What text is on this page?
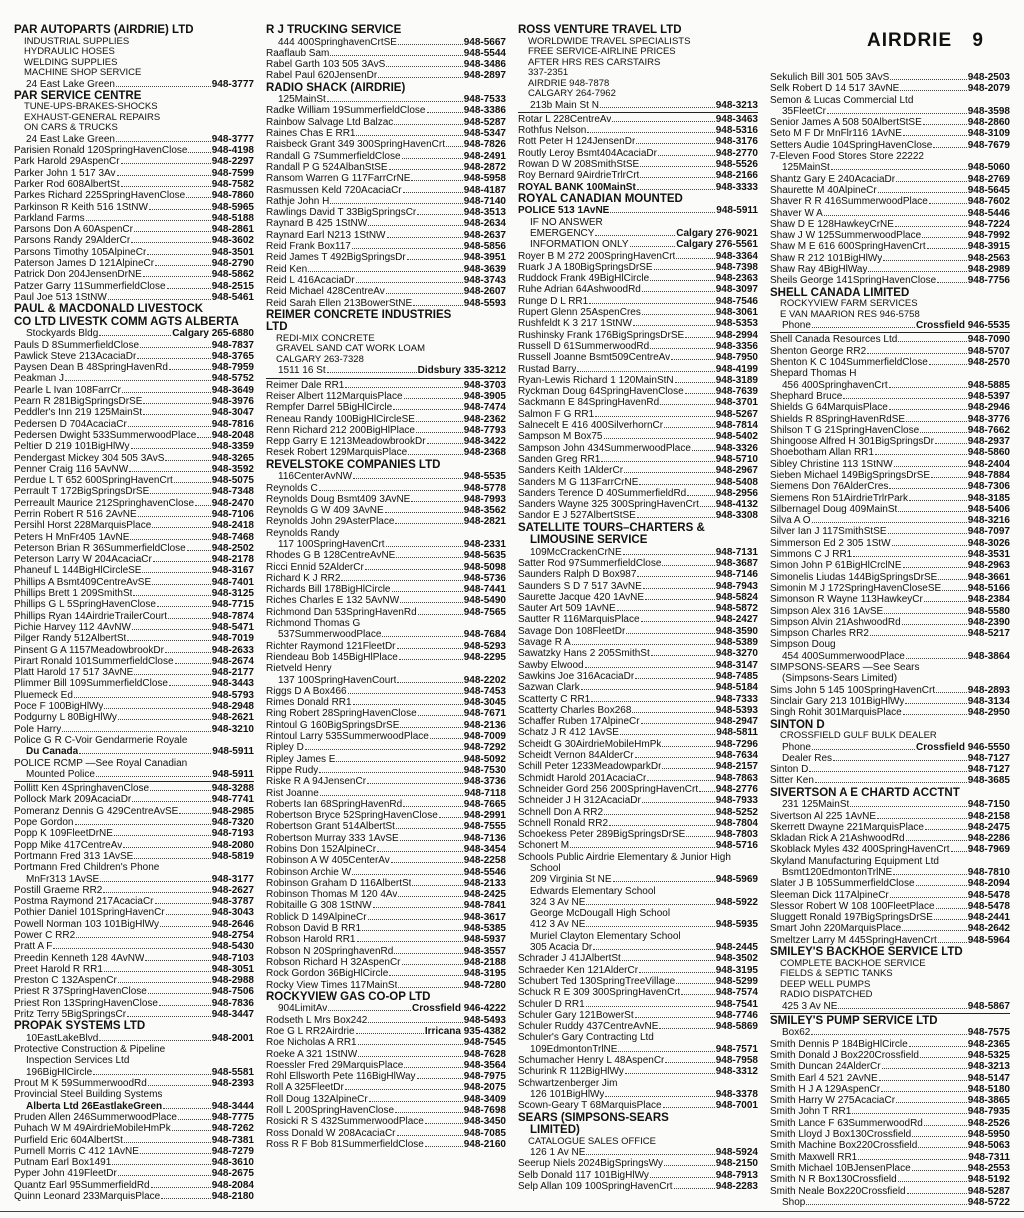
AIRDRIE 9
PAR AUTOPARTS (AIRDRIE) LTD
INDUSTRIAL SUPPLIES
HYDRAULIC HOSES
WELDING SUPPLIES
MACHINE SHOP SERVICE
24 East Lake Green	948-3777
PAR SERVICE CENTRE
TUNE-UPS-BRAKES-SHOCKS
EXHAUST-GENERAL REPAIRS
ON CARS & TRUCKS
24 East Lake Green	948-3777
Parisien Ronald 120SpringHavenClose 948-4198
Park Harold 29AspenCr	948-2297
Parker John 1 517 3Av	948-7599
Parker Rod 608AlbertSt	948-7582
Parkes Richard 225SpringHavenClose	948-7860
Parkinson R Keith 516 1StNW	948-5965
Parkland Farms	948-5188
Parsons Don A 60AspenCr	948-2861
Parsons Randy 29AlderCr	948-3602
Parsons Timothy 105AlpineCr	948-3501
Paterson James D 121AlpineCr	948-2790
Patrick Don 204JensenDrNE	948-5862
Patzer Garry 11SummerfieldClose	948-2515
Paul Joe 513 1StNW	948-5461
PAUL & MACDONALD LIVESTOCK
CO LTD LIVESTK COMM AGTS ALBERTA
Stockyards Bldg	Calgary 265-6880
Pauls D 8SummerfieldClose	948-7837
Pawlick Steve 213AcaciaDr	948-3765
Paysen Dean B 48SpringHavenRd	948-7959
Peakman J	948-5752
Pearle L Ivan 108FarrCr	948-3649
Pearn R 281BigSpringsDrSE	948-3976
Peddler's Inn 219 125MainSt	948-3047
Pedersen D 704AcaciaCr	948-7816
Pedersen Dwight 533SummerwoodPlace 948-2048
Peltier D 219 101BigHlWy	948-3359
Pendergast Mickey 304 505 3AvS	948-3265
Penner Craig 116 5AvNW	948-3592
Perdue L T 652 600SpringHavenCrt	948-5075
Perrault T 172BigSpringsDrSE	948-7348
Perreault Maurice 212SpringhavenClose 948-2470
Perrin Robert R 516 2AvNE	948-7106
Persihl Horst 228MarquisPlace	948-2418
Peters H MnFr405 1AvNE	948-7468
Peterson Brian R 36SummerfieldClose	948-2502
Peterson Larry W 204AcaciaCr	948-2178
Phaneuf L 144BigHlCircleSE	948-3167
Phillips A Bsmt409CentreAvSE	948-7401
Phillips Brett 1 209SmithSt	948-3125
Phillips G L 5SpringHavenClose	948-7715
Phillips Ryan 14AirdrieTrailerCourt	948-7874
Pichie Harvey 112 4AvNW	948-5471
Pilger Randy 512AlbertSt	948-7019
Pinsent G A 1157MeadowbrookDr	948-2633
Pirart Ronald 101SummerfieldClose	948-2674
Platt Harold 17 517 3AvNE	948-2177
Plimmer Bill 109SummerfieldClose	948-3443
Pluemeck Ed	948-5793
Poce F 100BigHlWy	948-2948
Podgurny L 80BigHlWy	948-2621
Pole Harry	948-3210
Police G R C-Voir Gendarmerie Royale
Du Canada	948-5911
POLICE RCMP —See Royal Canadian
Mounted Police	948-5911
Pollitt Ken 4SpringhavenClose	948-3288
Pollock Mark 209AcaciaDr	948-7741
Pomeranz Dennis G 429CentreAvSE	948-2985
Pope Gordon	948-7320
Popp K 109FleetDrNE	948-7193
Popp Mike 417CentreAv	948-2080
Portmann Fred 313 1AvSE	948-5819
Portmann Fred Children's Phone
MnFr313 1AvSE	948-3177
Postill Graeme RR2	948-2627
Postma Raymond 217AcaciaCr	948-3787
Pothier Daniel 101SpringHavenCr	948-3043
Powell Norman 103 101BigHlWy	948-2646
Power C RR2	948-2754
Pratt A F	948-5430
Preedin Kenneth 128 4AvNW	948-7103
Preet Harold R RR1	948-3051
Preston C 132AspenCr	948-2988
Priest R 37SpringHavenClose	948-7506
Priest Ron 13SpringHavenClose	948-7836
Pritz Terry 5BigSpringsCr	948-3447
PROPAK SYSTEMS LTD
10EastLakeBlvd	948-2001
Protective Construction & Pipeline
Inspection Services Ltd
196BigHlCircle	948-5581
Prout M K 59SummerwoodRd	948-2393
Provincial Steel Building Systems
Alberta Ltd 26EastlakeGreen	948-3444
Pruden Allen 246SummerwoodPlace	948-7775
Puhach W M 49AirdrieMobileHmPk	948-7262
Purfield Eric 604AlbertSt	948-7381
Purnell Morris C 412 1AvNE	948-7279
Putnam Earl Box1491	948-3610
Pyper John 419FleetDr	948-2675
Quantz Earl 95SummerfieldRd	948-2084
Quinn Leonard 233MarquisPlace	948-2180
R J TRUCKING SERVICE
444 400SpringhavenCrtSE	948-5667
Raaflaub Sam	948-5544
Rabel Garth 103 505 3AvS	948-3486
Rabel Paul 620JensenDr	948-2897
RADIO SHACK (AIRDRIE)
125MainSt	948-7533
Radke William 19SummerfieldClose	948-3386
Rainbow Salvage Ltd Balzac	948-5287
Raines Chas E RR1	948-5347
Raisbeck Grant 349 300SpringHavenCrt 948-7826
Randall G 7SummerfieldClose	948-2491
Randall P G 524AlbanStSE	948-2872
Ransom Warren G 117FarrCrNE	948-5958
Rasmussen Keld 720AcaciaCr	948-4187
Rathje John H	948-7140
Rawlings David T 33BigSpringsCr	948-3513
Raynard B 425 1StNW	948-2634
Raynard Earl N213 1StNW	948-2637
Reid Frank Box117	948-5856
Reid James T 492BigSpringsDr	948-3951
Reid Ken	948-3639
Reid L 416AcaciaDr	948-3743
Reid Michael 428CentreAv	948-2607
Reid Sarah Ellen 213BowerStNE	948-5593
REIMER CONCRETE INDUSTRIES
LTD
REDI-MIX CONCRETE
GRAVEL SAND CAT WORK LOAM
CALGARY 263-7328
1511 16 St	Didsbury 335-3212
Reimer Dale RR1	948-3703
Reiser Albert 112MarquisPlace	948-3905
Rempfer Darrel 5BigHlCircle	948-7474
Reneau Randy 100BigHlCircleSE	948-2362
Renn Richard 212 200BigHlPlace	948-7793
Repp Garry E 1213MeadowbrookDr	948-3422
Resek Robert 129MarquisPlace	948-2368
REVELSTOKE COMPANIES LTD
116CenterAvNW	948-5535
Reynolds C	948-5778
Reynolds Doug Bsmt409 3AvNE	948-7993
Reynolds G W 409 3AvNE	948-3562
Reynolds John 29AsterPlace	948-2821
Reynolds Randy
117 100SpringHavenCrt	948-2331
Rhodes G B 128CentreAvNE	948-5635
Ricci Ennid 52AlderCr	948-5098
Richard K J RR2	948-5736
Richards Bill 178BigHlCircle	948-7441
Riches Charles E 132 5AvNW	948-5490
Richmond Dan 53SpringHavenRd	948-7565
Richmond Thomas G
537SummerwoodPlace	948-7684
Richter Raymond 121FleetDr	948-5293
Riendeau Bob 145BigHlPlace	948-2295
Rietveld Henry
137 100SpringHavenCourt	948-2202
Riggs D A Box466	948-7453
Rimes Donald RR1	948-3045
Ring Robert 28SpringHavenClose	948-7671
Rintoul G 160BigSpringsDrSE	948-2136
Rintoul Larry 535SummerwoodPlace	948-7009
Ripley D	948-7292
Ripley James E	948-5092
Rippe Rudy	948-7530
Riske R A 94JensenCr	948-3736
Rist Joanne	948-7118
Roberts Ian 68SpringHavenRd	948-7665
Robertson Bryce 52SpringHavenClose	948-2991
Robertson Grant 514AlbertSt	948-7555
Robertson Murray 333 1AvSE	948-7136
Robins Don 152AlpineCr	948-3454
Robinson A W 405CenterAv	948-2258
Robinson Archie W	948-5546
Robinson Graham D 116AlbertSt	948-2133
Robinson Thomas M 120 4Av	948-2425
Robitaille G 308 1StNW	948-7841
Roblick D 149AlpineCr	948-3617
Robson David B RR1	948-5385
Robson Harold RR1	948-5937
Robson N 20SpringhavenRd	948-3557
Robson Richard H 32AspenCr	948-2188
Rock Gordon 36BigHlCircle	948-3195
Rocky View Times 117MainSt	948-7280
ROCKYVIEW GAS CO-OP LTD
904LimitAv	Crossfield 946-4222
Rodseth L Mrs Box242	948-5493
Roe G L RR2Airdrie	Irricana 935-4382
Roe Nicholas A RR1	948-7545
Roeke A 321 1StNW	948-7628
Roessler Fred 29MarquisPlace	948-3564
Rohl Ellsworth Pete 116BigHlWay	948-7975
Roll A 325FleetDr	948-2075
Roll Doug 132AlpineCr	948-3409
Roll L 200SpringHavenClose	948-7698
Rosicki R S 432SummerwoodPlace	948-3450
Ross Donald W 208AcaciaCr	948-7085
Ross R F Bob 81SummerfieldClose	948-2160
ROSS VENTURE TRAVEL LTD
WORLDWIDE TRAVEL SPECIALISTS
FREE SERVICE-AIRLINE PRICES
AFTER HRS RES CARSTAIRS
337-2351
AIRDRIE 948-7878
CALGARY 264-7962
213b Main St N	948-3213
Rotar L 228CentreAv	948-3463
Rothfus Nelson	948-5316
Rott Peter H 124JensenDr	948-3176
Routly Leroy Bsmt404AcaciaDr	948-2770
Rowan D W 208SmithStSE	948-5526
Roy Bernard 9AirdrieTrlrCrt	948-2166
ROYAL BANK 100MainSt	948-3333
ROYAL CANADIAN MOUNTED
POLICE 513 1AvNE	948-5911
IF NO ANSWER
EMERGENCY	Calgary 276-9021
INFORMATION ONLY	Calgary 276-5561
Royer B M 272 200SpringHavenCrt	948-3364
Ruark J A 180BigSpringsDrSE	948-7398
Ruddock Frank 49BigHlCircle	948-2363
Ruhe Adrian 64AshwoodRd	948-3097
Runge D L RR1	948-7546
Rupert Glenn 25AspenCres	948-3061
Rushfeldt K 3 217 1StNW	948-5353
Rushinsky Frank 176BigSpringsDrSE	948-2994
Russell D 61SummerwoodRd	948-3356
Russell Joanne Bsmt509CentreAv	948-7950
Rustad Barry	948-4199
Ryan-Lewis Richard 1 120MainStN	948-3189
Ryckman Doug 64SpringHavenClose	948-7639
Sackmann E 84SpringHavenRd	948-3701
Salmon F G RR1	948-5267
Salnecelt E 416 400SilverhornCr	948-7814
Sampson M Box75	948-5402
Sampson John 434SummerwoodPlace 948-3326
Sanden Greg RR1	948-5710
Sanders Keith 1AlderCr	948-2967
Sanders M G 113FarrCrNE	948-5408
Sanders Terence D 40SummerfieldRd	948-2956
Sanders Wayne 325 300SpringHavenCrt 948-4132
Sandor E J 527AlbertStSE	948-3308
SATELLITE TOURS–CHARTERS &
LIMOUSINE SERVICE
109McCrackenCrNE	948-7131
Satter Rod 97SummerfieldClose	948-3687
Saunders Ralph D Box987	948-7146
Saunders S D 7 517 3AvNE	948-7943
Saurette Jacque 420 1AvNE	948-5824
Sauter Art 509 1AvNE	948-5872
Sautter R 116MarquisPlace	948-2427
Savage Don 108FleetDr	948-3590
Savage R A	948-5389
Sawatzky Hans 2 205SmithSt	948-3270
Sawby Elwood	948-3147
Sawkins Joe 316AcaciaDr	948-7485
Sazwan Clark	948-5184
Scatterty C RR1	948-7333
Scatterty Charles Box268	948-5393
Schaffer Ruben 17AlpineCr	948-2947
Schatz J R 412 1AvSE	948-5811
Scheidt G 30AirdrieMobileHmPk	948-7296
Scheidt Vernon 84AlderCr	948-7634
Schill Peter 1233MeadowparkDr	948-2157
Schmidt Harold 201AcaciaCr	948-7863
Schneider Gord 256 200SpringHavenCrt 948-2776
Schneider J H 312AcaciaDr	948-7933
Schnell Don A RR2	948-5252
Schnell Ronald RR2	948-7804
Schoekess Peter 289BigSpringsDrSE	948-7803
Schonert M	948-5716
Schools Public Airdrie Elementary & Junior High
School
209 Virginia St NE	948-5969
Edwards Elementary School
324 3 Av NE	948-5922
George McDougall High School
412 3 Av NE	948-5935
Muriel Clayton Elementary School
305 Acacia Dr	948-2445
Schrader J 41JAlbertSt	948-3502
Schraeder Ken 121AlderCr	948-3195
Schubert Ted 130SpringTreeVillage	948-5299
Schuck R E 309 300SpringHavenCrt	948-7574
Schuler D RR1	948-7541
Schuler Gary 121BowerSt	948-7746
Schuler Ruddy 437CentreAvNE	948-5869
Schuler's Gary Contracting Ltd
109EdmontonTrlNE	948-7571
Schumacher Henry L 48AspenCr	948-7958
Schurink R 112BigHlWy	948-3312
Schwartzenberger Jim
126 101BigHlWy	948-3378
Scown-Geary T 68MarquisPlace	948-7001
SEARS (SIMPSONS-SEARS
LIMITED)
CATALOGUE SALES OFFICE
126 1 Av NE	948-5924
Seerup Niels 2024BigSpringsWy	948-2150
Selb Donald 117 101BigHlWy	948-7913
Selp Allan 109 100SpringHavenCrt	948-2283
Sekulich Bill 301 505 3AvS	948-2503
Selk Robert D 14 517 3AvNE	948-2079
Semon & Lucas Commercial Ltd
35FleetCr	948-3598
Senior James A 508 50AlbertStSE	948-2860
Seto M F Dr MnFlr116 1AvNE	948-3109
Setters Audie 104SpringHavenClose	948-7679
7-Eleven Food Stores Store 22222
125MainSt	948-5060
Shantz Gary E 240AcaciaDr	948-2769
Shaurette M 40AlpineCr	948-5645
Shaver R R 416SummerwoodPlace	948-7602
Shaver W A	948-5446
Shaw D E 128HawkeyCrNE	948-7224
Shaw J W 125SummerwoodPlace	948-7992
Shaw M E 616 600SpringHavenCrt	948-3915
Shaw R 212 101BigHlWy	948-2563
Shaw Ray 4BigHlWay	948-2989
Sheils George 141SpringHavenClose	948-7756
SHELL CANADA LIMITED
ROCKYVIEW FARM SERVICES
E VAN MAARION RES 946-5758
Phone	Crossfield 946-5535
Shell Canada Resources Ltd	948-7090
Shenton George RR2	948-5707
Shenton K C 104SummerfieldClose	948-2570
Shepard Thomas H
456 400SpringhavenCrt	948-5885
Shephard Bruce	948-5397
Shields G 64MarquisPlace	948-2946
Shields R 8SpringHavenRdSE	948-3776
Shilson T G 21SpringHavenClose	948-7662
Shingoose Alfred H 301BigSpringsDr	948-2937
Shoebotham Allan RR1	948-5860
Sibley Christine 113 1StNW	948-2404
Sieben Michael 149BigSpringsDrSE	948-7884
Siemens Don 76AlderCres	948-7306
Siemens Ron 51AirdrieTrlrPark	948-3185
Silbernagel Doug 409MainSt	948-5406
Silva A O	948-3216
Silver Ian J 117SmithStSE	948-7097
Simmerson Ed 2 305 1StW	948-3026
Simmons C J RR1	948-3531
Simon John P 61BigHlCrclNE	948-2963
Simonelis Liudas 144BigSpringsDrSE	948-3661
Simonin M J 172SpringHavenCloseSE	948-5166
Simonson R Wayne 113HawkeyCr	948-2384
Simpson Alex 316 1AvSE	948-5580
Simpson Alvin 21AshwoodRd	948-2390
Simpson Charles RR2	948-5217
Simpson Doug
454 400SummerwoodPlace	948-3864
SIMPSONS-SEARS —See Sears
(Simpsons-Sears Limited)
Sims John 5 145 100SpringHavenCrt	948-2893
Sinclair Gary 213 101BigHlWy	948-3134
Singh Rohit 301MarquisPlace	948-2950
SINTON D
CROSSFIELD GULF BULK DEALER
Phone	Crossfield 946-5550
Dealer Res	948-7127
Sinton D	948-7127
Sitter Ken	948-3685
SIVERTSON A E CHARTD ACCTNT
231 125MainSt	948-7150
Sivertson Al 225 1AvNE	948-2158
Skerrett Dwayne 221MarquisPlace	948-2475
Skladan Rick A 21AshwoodRd	948-2286
Skoblack Myles 432 400SpringHavenCrt 948-7969
Skyland Manufacturing Equipment Ltd
Bsmt120EdmontonTrlNE	948-7810
Slater J B 105SummerfieldClose	948-2094
Sleeman Dick 117AlpineCr	948-5478
Slessor Robert W 108 100FleetPlace	948-5478
Sluggett Ronald 197BigSpringsDrSE	948-2441
Smart John 220MarquisPlace	948-2642
Smeltzer Larry M 445SpringHavenCrt	948-5964
SMILEY'S BACKHOE SERVICE LTD
COMPLETE BACKHOE SERVICE
FIELDS & SEPTIC TANKS
DEEP WELL PUMPS
RADIO DISPATCHED
425 3 Av NE	948-5867
SMILEY'S PUMP SERVICE LTD
Box62	948-7575
Smith Dennis P 184BigHlCircle	948-2365
Smith Donald J Box220Crossfield	948-5325
Smith Duncan 24AlderCr	948-3213
Smith Earl 4 521 2AvNE	948-5147
Smith H J A 129AspenCr	948-5180
Smith Harry W 275AcaciaCr	948-3865
Smith John T RR1	948-7935
Smith Lance F 63SummerwoodRd	948-2526
Smith Lloyd J Box130Crossfield	948-5950
Smith Machine Box220Crossfield	948-5063
Smith Maxwell RR1	948-7311
Smith Michael 10BJensenPlace	948-2553
Smith N R Box130Crossfield	948-5192
Smith Neale Box220Crossfield	948-5287
Shop	948-5722
